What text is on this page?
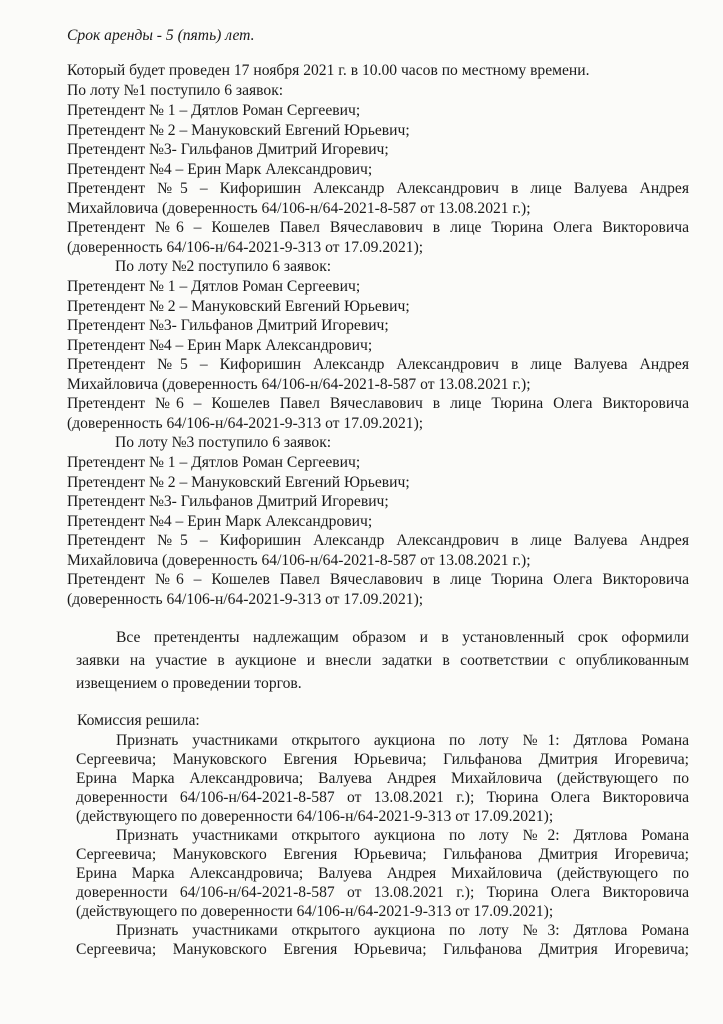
Срок аренды - 5 (пять) лет.
Который будет проведен 17 ноября 2021 г. в 10.00 часов по местному времени.
По лоту №1 поступило 6 заявок:
Претендент № 1 – Дятлов Роман Сергеевич;
Претендент № 2 – Мануковский Евгений Юрьевич;
Претендент №3- Гильфанов Дмитрий Игоревич;
Претендент №4 – Ерин Марк Александрович;
Претендент №5 – Кифоришин Александр Александрович в лице Валуева Андрея
Михайловича (доверенность 64/106-н/64-2021-8-587 от 13.08.2021 г.);
Претендент №6 – Кошелев Павел Вячеславович в лице Тюрина Олега Викторовича
(доверенность 64/106-н/64-2021-9-313 от 17.09.2021);
По лоту №2 поступило 6 заявок:
Претендент № 1 – Дятлов Роман Сергеевич;
Претендент № 2 – Мануковский Евгений Юрьевич;
Претендент №3- Гильфанов Дмитрий Игоревич;
Претендент №4 – Ерин Марк Александрович;
Претендент №5 – Кифоришин Александр Александрович в лице Валуева Андрея
Михайловича (доверенность 64/106-н/64-2021-8-587 от 13.08.2021 г.);
Претендент №6 – Кошелев Павел Вячеславович в лице Тюрина Олега Викторовича
(доверенность 64/106-н/64-2021-9-313 от 17.09.2021);
По лоту №3 поступило 6 заявок:
Претендент № 1 – Дятлов Роман Сергеевич;
Претендент № 2 – Мануковский Евгений Юрьевич;
Претендент №3- Гильфанов Дмитрий Игоревич;
Претендент №4 – Ерин Марк Александрович;
Претендент №5 – Кифоришин Александр Александрович в лице Валуева Андрея
Михайловича (доверенность 64/106-н/64-2021-8-587 от 13.08.2021 г.);
Претендент №6 – Кошелев Павел Вячеславович в лице Тюрина Олега Викторовича
(доверенность 64/106-н/64-2021-9-313 от 17.09.2021);
Все претенденты надлежащим образом и в установленный срок оформили
заявки на участие в аукционе и внесли задатки в соответствии с опубликованным
извещением о проведении торгов.
Комиссия решила:
Признать участниками открытого аукциона по лоту №1: Дятлова Романа
Сергеевича; Мануковского Евгения Юрьевича; Гильфанова Дмитрия Игоревича;
Ерина Марка Александровича; Валуева Андрея Михайловича (действующего по
доверенности 64/106-н/64-2021-8-587 от 13.08.2021 г.); Тюрина Олега Викторовича
(действующего по доверенности 64/106-н/64-2021-9-313 от 17.09.2021);
Признать участниками открытого аукциона по лоту №2: Дятлова Романа
Сергеевича; Мануковского Евгения Юрьевича; Гильфанова Дмитрия Игоревича;
Ерина Марка Александровича; Валуева Андрея Михайловича (действующего по
доверенности 64/106-н/64-2021-8-587 от 13.08.2021 г.); Тюрина Олега Викторовича
(действующего по доверенности 64/106-н/64-2021-9-313 от 17.09.2021);
Признать участниками открытого аукциона по лоту №3: Дятлова Романа
Сергеевича; Мануковского Евгения Юрьевича; Гильфанова Дмитрия Игоревича;
